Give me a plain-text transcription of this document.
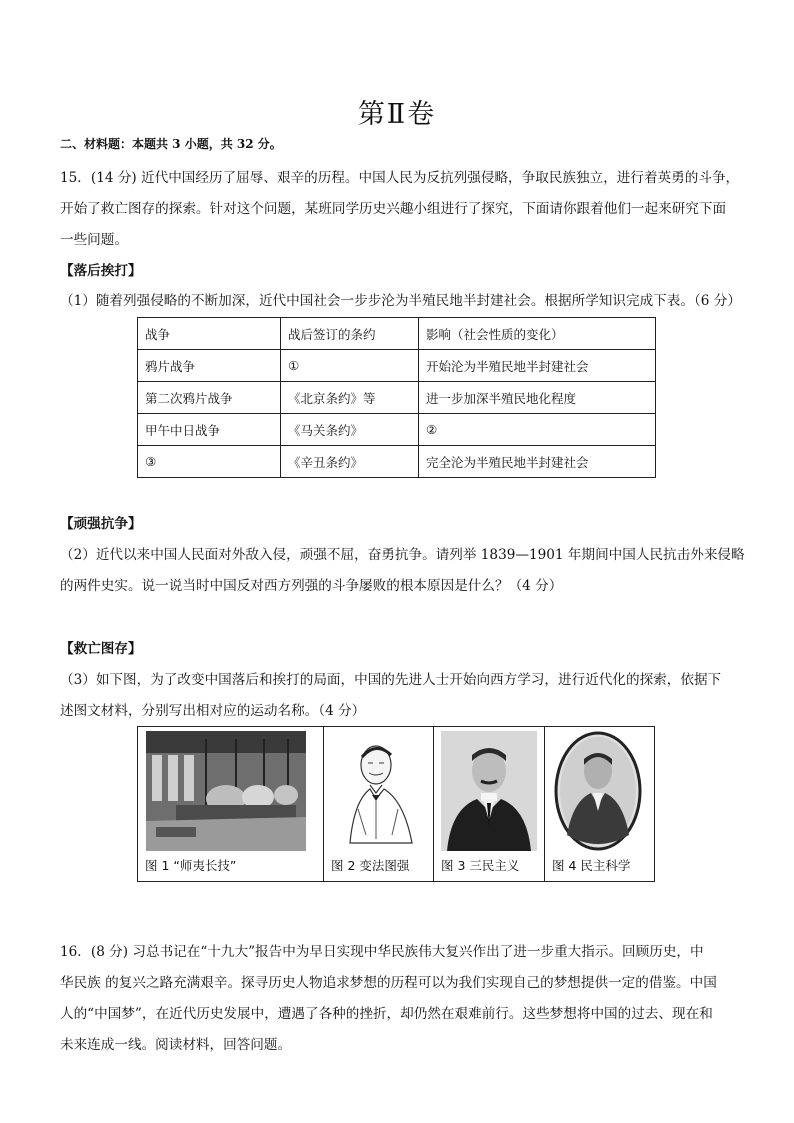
第Ⅱ卷
二、材料题：本题共 3 小题，共 32 分。
15．(14 分) 近代中国经历了屈辱、艰辛的历程。中国人民为反抗列强侵略，争取民族独立，进行着英勇的斗争，
开始了救亡图存的探索。针对这个问题，某班同学历史兴趣小组进行了探究，下面请你跟着他们一起来研究下面
一些问题。
【落后挨打】
（1）随着列强侵略的不断加深，近代中国社会一步步沦为半殖民地半封建社会。根据所学知识完成下表。（6 分）
战争	战后签订的条约	影响（社会性质的变化）
鸦片战争	①	开始沦为半殖民地半封建社会
第二次鸦片战争	《北京条约》等	进一步加深半殖民地化程度
甲午中日战争	《马关条约》	②
③	《辛丑条约》	完全沦为半殖民地半封建社会
【顽强抗争】
（2）近代以来中国人民面对外敌入侵，顽强不屈，奋勇抗争。请列举 1839—1901 年期间中国人民抗击外来侵略
的两件史实。说一说当时中国反对西方列强的斗争屡败的根本原因是什么？（4 分）
【救亡图存】
（3）如下图，为了改变中国落后和挨打的局面，中国的先进人士开始向西方学习，进行近代化的探索，依据下
述图文材料，分别写出相对应的运动名称。（4 分）
图 1 “师夷长技”	图 2 变法图强	图 3 三民主义	图 4 民主科学
16．(8 分) 习总书记在“十九大”报告中为早日实现中华民族伟大复兴作出了进一步重大指示。回顾历史，中
华民族 的复兴之路充满艰辛。探寻历史人物追求梦想的历程可以为我们实现自己的梦想提供一定的借鉴。中国
人的“中国梦”，在近代历史发展中，遭遇了各种的挫折，却仍然在艰难前行。这些梦想将中国的过去、现在和
未来连成一线。阅读材料，回答问题。
